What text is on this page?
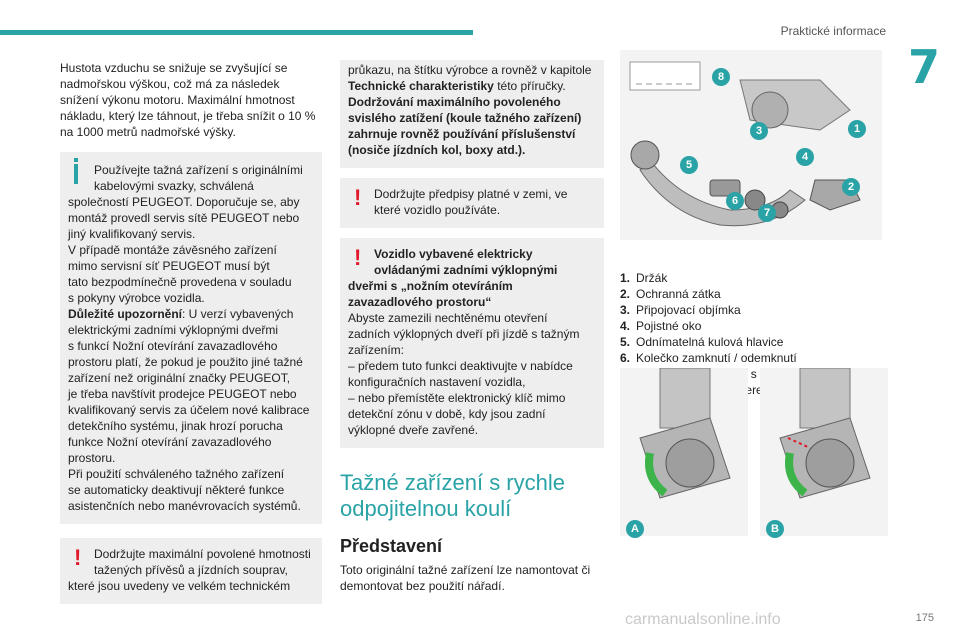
Praktické informace
7

Hustota vzduchu se snižuje se zvyšující se
nadmořskou výškou, což má za následek
snížení výkonu motoru. Maximální hmotnost
nákladu, který lze táhnout, je třeba snížit o 10 %
na 1000 metrů nadmořské výšky.

Používejte tažná zařízení s originálními
kabelovými svazky, schválená
společností PEUGEOT. Doporučuje se, aby
montáž provedl servis sítě PEUGEOT nebo
jiný kvalifikovaný servis.
V případě montáže závěsného zařízení
mimo servisní síť PEUGEOT musí být
tato bezpodmínečně provedena v souladu
s pokyny výrobce vozidla.
Důležité upozornění: U verzí vybavených
elektrickými zadními výklopnými dveřmi
s funkcí Nožní otevírání zavazadlového
prostoru platí, že pokud je použito jiné tažné
zařízení než originální značky PEUGEOT,
je třeba navštívit prodejce PEUGEOT nebo
kvalifikovaný servis za účelem nové kalibrace
detekčního systému, jinak hrozí porucha
funkce Nožní otevírání zavazadlového
prostoru.
Při použití schváleného tažného zařízení
se automaticky deaktivují některé funkce
asistenčních nebo manévrovacích systémů.
!	Dodržujte maximální povolené hmotnosti
tažených přívěsů a jízdních souprav,
které jsou uvedeny ve velkém technickém
průkazu, na štítku výrobce a rovněž v kapitole
Technické charakteristiky této příručky.
Dodržování maximálního povoleného
svislého zatížení (koule tažného zařízení)
zahrnuje rovněž používání příslušenství
(nosiče jízdních kol, boxy atd.).
!	Dodržujte předpisy platné v zemi, ve
které vozidlo používáte.
!	Vozidlo vybavené elektricky
ovládanými zadními výklopnými
dveřmi s „nožním otevíráním
zavazadlového prostoru“
Abyste zamezili nechtěnému otevření
zadních výklopných dveří při jízdě s tažným
zařízením:
– předem tuto funkci deaktivujte v nabídce
konfiguračních nastavení vozidla,
– nebo přemístěte elektronický klíč mimo
detekční zónu v době, kdy jsou zadní
výklopné dveře zavřené.
Tažné zařízení s rychle
odpojitelnou koulí
Představení

Toto originální tažné zařízení lze namontovat či
demontovat bez použití nářadí.

8
3	1
4
5
2
6
7
1. Držák
2. Ochranná zátka
3. Připojovací objímka
4. Pojistné oko
5. Odnímatelná kulová hlavice
6. Kolečko zamknutí / odemknutí
s
referencí
A	B
carmanualsonline.info	175
